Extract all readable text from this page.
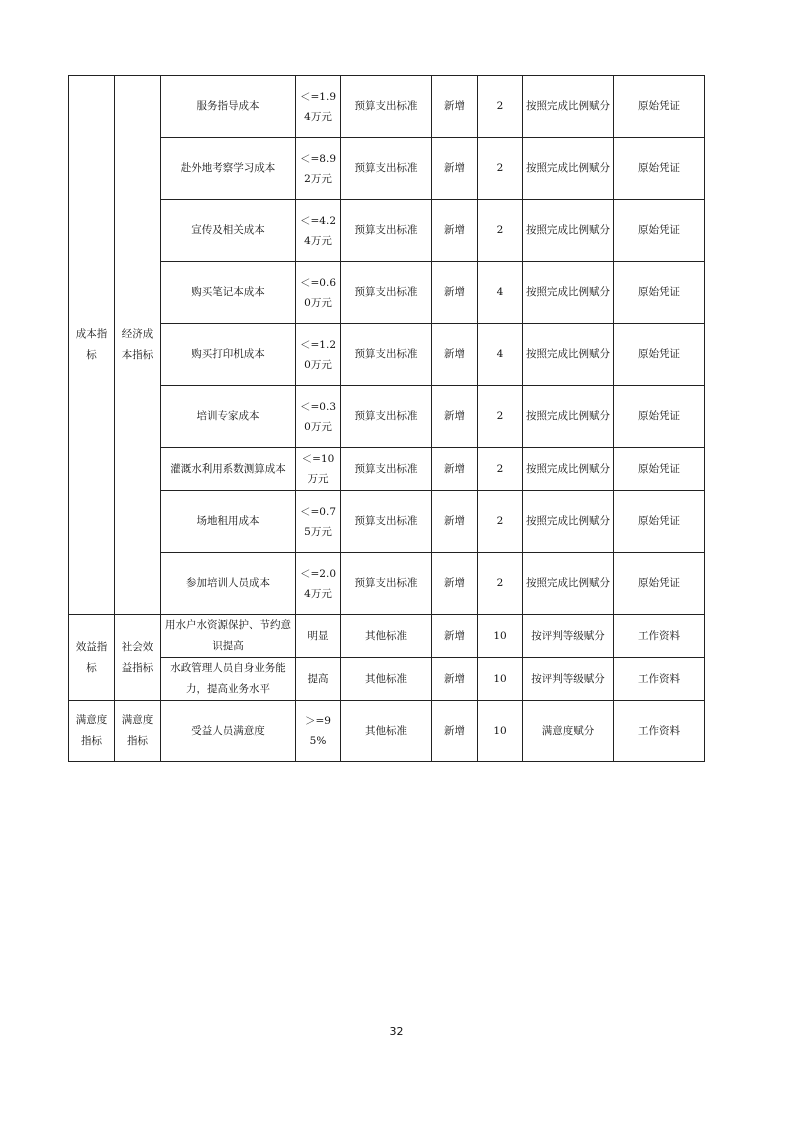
成本指标	经济成本指标	服务指导成本	＜=1.94万元	预算支出标准	新增	2	按照完成比例赋分	原始凭证
		赴外地考察学习成本	＜=8.92万元	预算支出标准	新增	2	按照完成比例赋分	原始凭证
		宣传及相关成本	＜=4.24万元	预算支出标准	新增	2	按照完成比例赋分	原始凭证
		购买笔记本成本	＜=0.60万元	预算支出标准	新增	4	按照完成比例赋分	原始凭证
		购买打印机成本	＜=1.20万元	预算支出标准	新增	4	按照完成比例赋分	原始凭证
		培训专家成本	＜=0.30万元	预算支出标准	新增	2	按照完成比例赋分	原始凭证
		灌溉水利用系数测算成本	＜=10万元	预算支出标准	新增	2	按照完成比例赋分	原始凭证
		场地租用成本	＜=0.75万元	预算支出标准	新增	2	按照完成比例赋分	原始凭证
		参加培训人员成本	＜=2.04万元	预算支出标准	新增	2	按照完成比例赋分	原始凭证
效益指标	社会效益指标	用水户水资源保护、节约意识提高	明显	其他标准	新增	10	按评判等级赋分	工作资料
		水政管理人员自身业务能力，提高业务水平	提高	其他标准	新增	10	按评判等级赋分	工作资料
满意度指标	满意度指标	受益人员满意度	＞=95%	其他标准	新增	10	满意度赋分	工作资料
32
